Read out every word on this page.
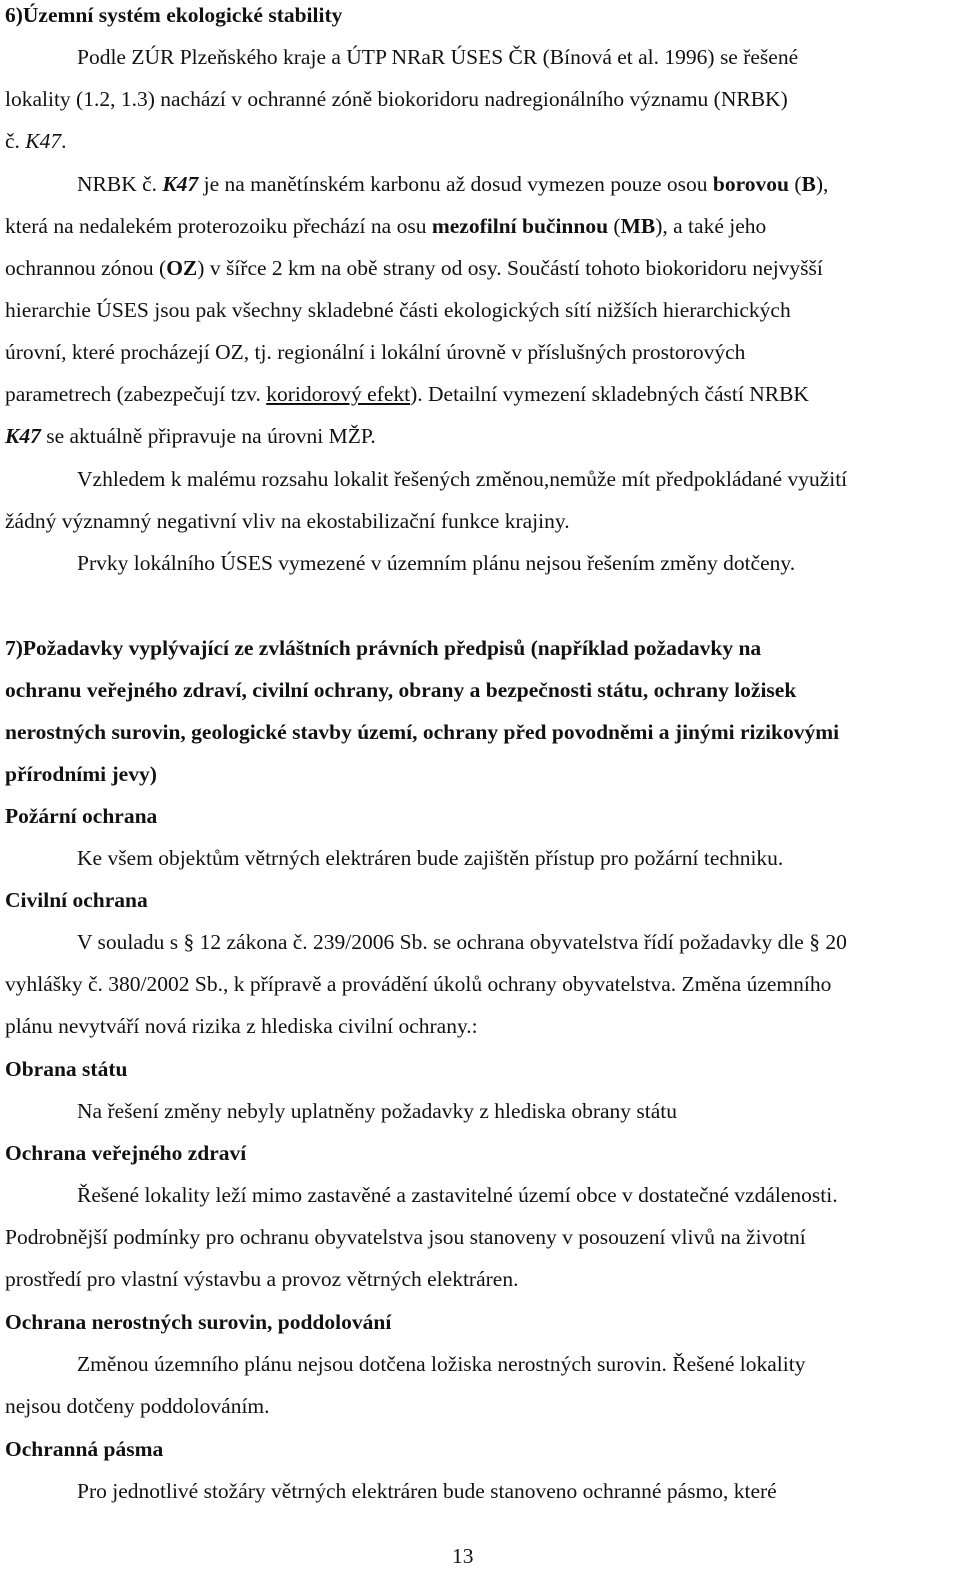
6)Územní systém ekologické stability
Podle ZÚR Plzeňského kraje a ÚTP NRaR ÚSES ČR (Bínová et al. 1996) se řešené
lokality (1.2, 1.3) nachází v ochranné zóně biokoridoru nadregionálního významu (NRBK)
č. K47.
NRBK č. K47 je na manětínském karbonu až dosud vymezen pouze osou borovou (B),
která na nedalekém proterozoiku přechází na osu mezofilní bučinnou (MB), a také jeho
ochrannou zónou (OZ) v šířce 2 km na obě strany od osy. Součástí tohoto biokoridoru nejvyšší
hierarchie ÚSES jsou pak všechny skladebné části ekologických sítí nižších hierarchických
úrovní, které procházejí OZ, tj. regionální i lokální úrovně v příslušných prostorových
parametrech (zabezpečují tzv. koridorový efekt). Detailní vymezení skladebných částí NRBK
K47 se aktuálně připravuje na úrovni MŽP.
Vzhledem k malému rozsahu lokalit řešených změnou,nemůže mít předpokládané využití
žádný významný negativní vliv na ekostabilizační funkce krajiny.
Prvky lokálního ÚSES vymezené v územním plánu nejsou řešením změny dotčeny.
7)Požadavky vyplývající ze zvláštních právních předpisů (například požadavky na
ochranu veřejného zdraví, civilní ochrany, obrany a bezpečnosti státu, ochrany ložisek
nerostných surovin, geologické stavby území, ochrany před povodněmi a jinými rizikovými
přírodními jevy)
Požární ochrana
Ke všem objektům větrných elektráren bude zajištěn přístup pro požární techniku.
Civilní ochrana
V souladu s § 12 zákona č. 239/2006 Sb. se ochrana obyvatelstva řídí požadavky dle § 20
vyhlášky č. 380/2002 Sb., k přípravě a provádění úkolů ochrany obyvatelstva. Změna územního
plánu nevytváří nová rizika z hlediska civilní ochrany.:
Obrana státu
Na řešení změny nebyly uplatněny požadavky z hlediska obrany státu
Ochrana veřejného zdraví
Řešené lokality leží mimo zastavěné a zastavitelné území obce v dostatečné vzdálenosti.
Podrobnější podmínky pro ochranu obyvatelstva jsou stanoveny v posouzení vlivů na životní
prostředí pro vlastní výstavbu a provoz větrných elektráren.
Ochrana nerostných surovin, poddolování
Změnou územního plánu nejsou dotčena ložiska nerostných surovin. Řešené lokality
nejsou dotčeny poddolováním.
Ochranná pásma
Pro jednotlivé stožáry větrných elektráren bude stanoveno ochranné pásmo, které
13
